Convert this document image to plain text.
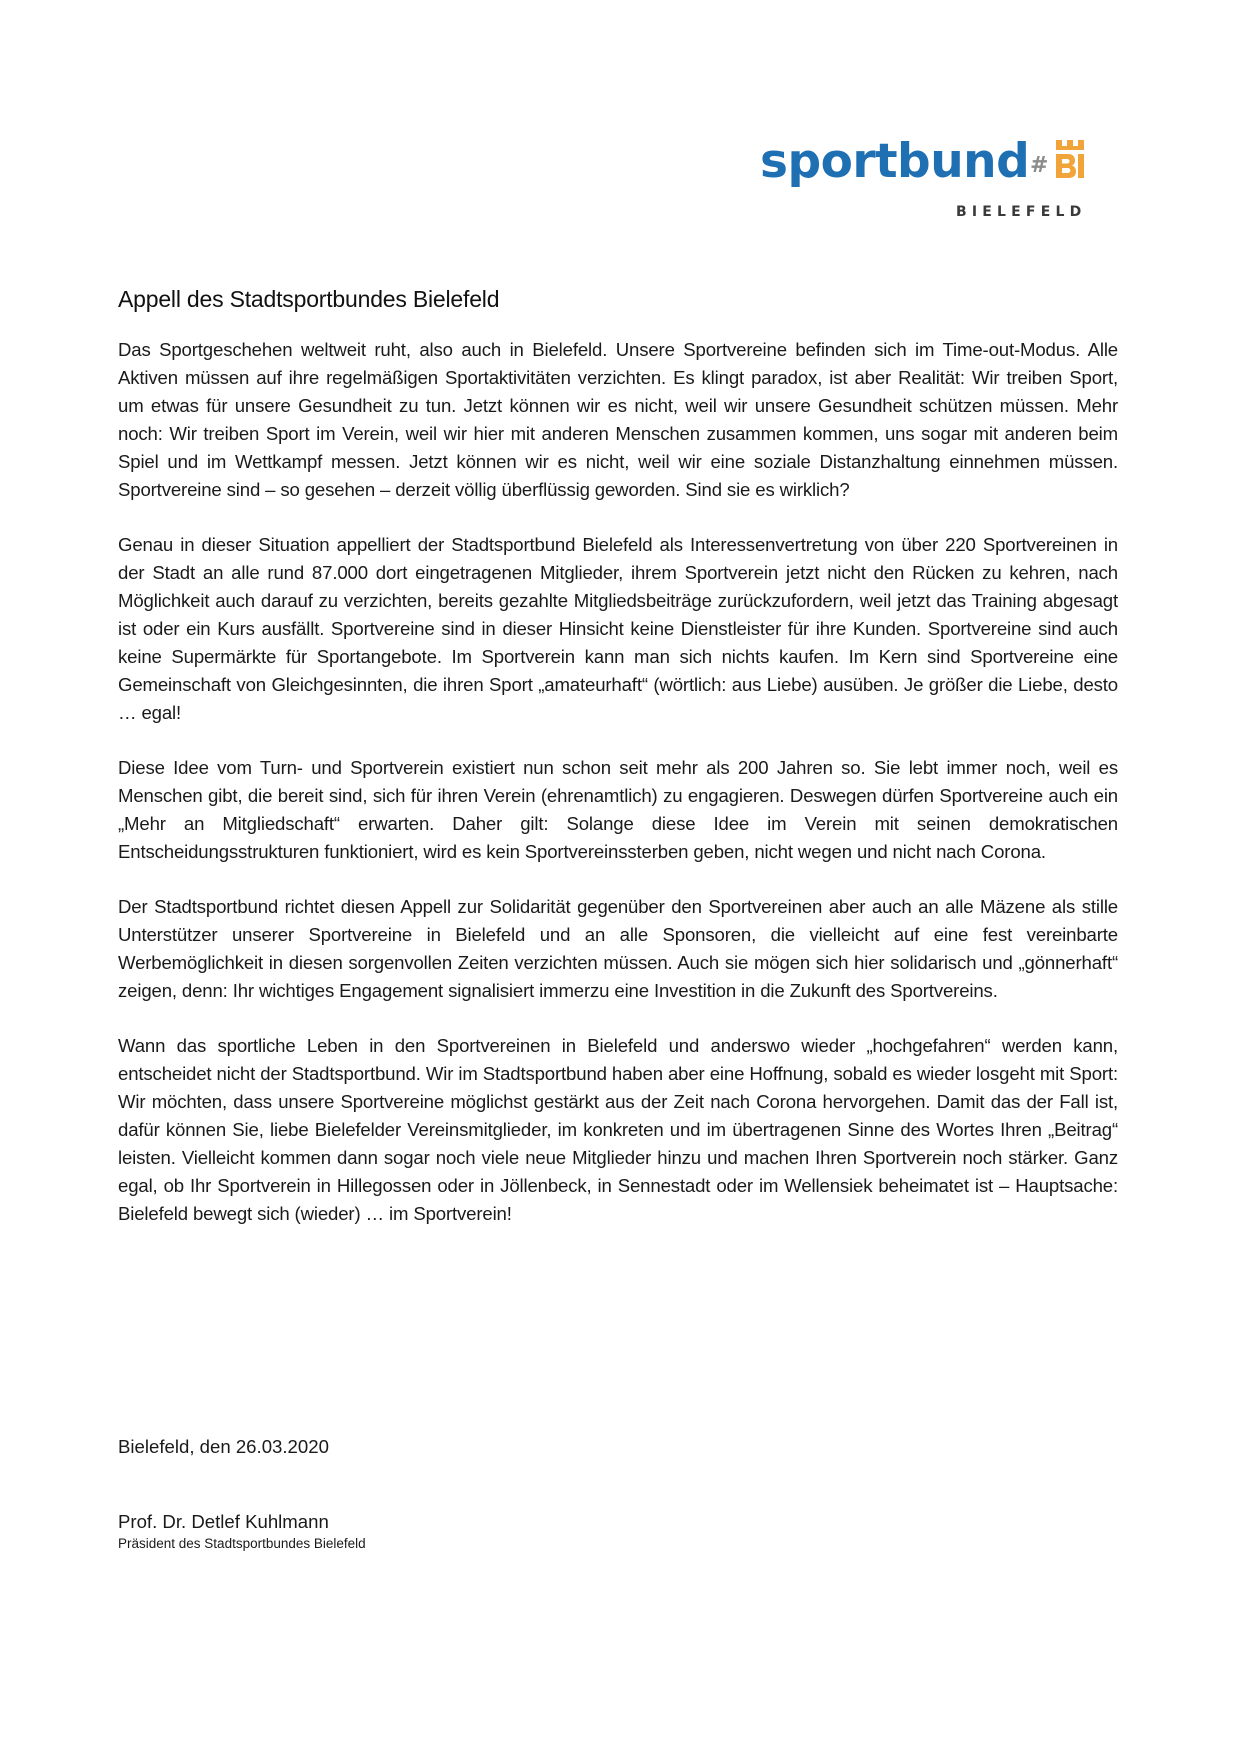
sportbund #
BIELEFELD
Appell des Stadtsportbundes Bielefeld

Das Sportgeschehen weltweit ruht, also auch in Bielefeld. Unsere Sportvereine befinden sich im Time-out-Modus. Alle Aktiven müssen auf ihre regelmäßigen Sportaktivitäten verzichten. Es klingt paradox, ist aber Realität: Wir treiben Sport, um etwas für unsere Gesundheit zu tun. Jetzt können wir es nicht, weil wir unsere Gesundheit schützen müssen. Mehr noch: Wir treiben Sport im Verein, weil wir hier mit anderen Menschen zusammen kommen, uns sogar mit anderen beim Spiel und im Wettkampf messen. Jetzt können wir es nicht, weil wir eine soziale Distanzhaltung einnehmen müssen. Sportvereine sind – so gesehen – derzeit völlig überflüssig geworden. Sind sie es wirklich?

Genau in dieser Situation appelliert der Stadtsportbund Bielefeld als Interessenvertretung von über 220 Sportvereinen in der Stadt an alle rund 87.000 dort eingetragenen Mitglieder, ihrem Sportverein jetzt nicht den Rücken zu kehren, nach Möglichkeit auch darauf zu verzichten, bereits gezahlte Mitgliedsbeiträge zurückzufordern, weil jetzt das Training abgesagt ist oder ein Kurs ausfällt. Sportvereine sind in dieser Hinsicht keine Dienstleister für ihre Kunden. Sportvereine sind auch keine Supermärkte für Sportangebote. Im Sportverein kann man sich nichts kaufen. Im Kern sind Sportvereine eine Gemeinschaft von Gleichgesinnten, die ihren Sport „amateurhaft“ (wörtlich: aus Liebe) ausüben. Je größer die Liebe, desto … egal!

Diese Idee vom Turn- und Sportverein existiert nun schon seit mehr als 200 Jahren so. Sie lebt immer noch, weil es Menschen gibt, die bereit sind, sich für ihren Verein (ehrenamtlich) zu engagieren. Deswegen dürfen Sportvereine auch ein „Mehr an Mitgliedschaft“ erwarten. Daher gilt: Solange diese Idee im Verein mit seinen demokratischen Entscheidungsstrukturen funktioniert, wird es kein Sportvereinssterben geben, nicht wegen und nicht nach Corona.

Der Stadtsportbund richtet diesen Appell zur Solidarität gegenüber den Sportvereinen aber auch an alle Mäzene als stille Unterstützer unserer Sportvereine in Bielefeld und an alle Sponsoren, die vielleicht auf eine fest vereinbarte Werbemöglichkeit in diesen sorgenvollen Zeiten verzichten müssen. Auch sie mögen sich hier solidarisch und „gönnerhaft“ zeigen, denn: Ihr wichtiges Engagement signalisiert immerzu eine Investition in die Zukunft des Sportvereins.

Wann das sportliche Leben in den Sportvereinen in Bielefeld und anderswo wieder „hochgefahren“ werden kann, entscheidet nicht der Stadtsportbund. Wir im Stadtsportbund haben aber eine Hoffnung, sobald es wieder losgeht mit Sport: Wir möchten, dass unsere Sportvereine möglichst gestärkt aus der Zeit nach Corona hervorgehen. Damit das der Fall ist, dafür können Sie, liebe Bielefelder Vereinsmitglieder, im konkreten und im übertragenen Sinne des Wortes Ihren „Beitrag“ leisten. Vielleicht kommen dann sogar noch viele neue Mitglieder hinzu und machen Ihren Sportverein noch stärker. Ganz egal, ob Ihr Sportverein in Hillegossen oder in Jöllenbeck, in Sennestadt oder im Wellensiek beheimatet ist – Hauptsache: Bielefeld bewegt sich (wieder) … im Sportverein!

Bielefeld, den 26.03.2020

Prof. Dr. Detlef Kuhlmann

Präsident des Stadtsportbundes Bielefeld
